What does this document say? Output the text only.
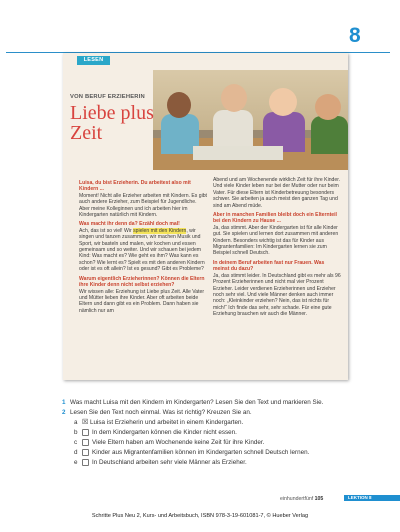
8
LESEN
VON BERUF ERZIEHERIN
Liebe plus Zeit

Luisa, du bist Erzieherin. Du arbeitest also mit Kindern ...

Moment! Nicht alle Erzieher arbeiten mit Kindern. Es gibt auch andere Erzieher, zum Beispiel für Jugendliche. Aber meine Kolleginnen und ich arbeiten hier im Kindergarten natürlich mit Kindern.

Was macht ihr denn da? Erzähl doch mal!

Ach, das ist so viel! Wir spielen mit den Kindern, wir singen und tanzen zusammen, wir machen Musik und Sport, wir basteln und malen, wir kochen und essen gemeinsam und so weiter. Und wir schauen bei jedem Kind: Was macht es? Wie geht es ihm? Was kann es schon? Wie lernt es? Spielt es mit den anderen Kindern oder ist es oft allein? Ist es gesund? Gibt es Probleme?

Warum eigentlich Erzieherinnen? Können die Eltern ihre Kinder denn nicht selbst erziehen?

Wir wissen alle: Erziehung ist Liebe plus Zeit. Alle Vater und Mütter lieben ihre Kinder. Aber oft arbeiten beide Eltern und dann gibt es ein Problem. Dann haben sie nämlich nur am

Abend und am Wochenende wirklich Zeit für ihre Kinder. Und viele Kinder leben nur bei der Mutter oder nur beim Vater. Für diese Eltern ist Kinderbetreuung besonders schwer. Sie arbeiten ja auch meist den ganzen Tag und sind am Abend müde.

Aber in manchen Familien bleibt doch ein Elternteil bei den Kindern zu Hause ...

Ja, das stimmt. Aber der Kindergarten ist für alle Kinder gut. Sie spielen und lernen dort zusammen mit anderen Kindern. Besonders wichtig ist das für Kinder aus Migrantenfamilien: Im Kindergarten lernen sie zum Beispiel schnell Deutsch.

In deinem Beruf arbeiten fast nur Frauen. Was meinst du dazu?

Ja, das stimmt leider. In Deutschland gibt es mehr als 96 Prozent Erzieherinnen und nicht mal vier Prozent Erzieher. Leider verdienen Erzieherinnen und Erzieher noch sehr viel. Und viele Männer denken auch immer noch: „Kleinkinder erziehen? Nein, das ist nichts für mich!“ Ich finde das sehr, sehr schade. Für eine gute Erziehung brauchen wir auch die Männer.

1 Was macht Luisa mit den Kindern im Kindergarten? Lesen Sie den Text und markieren Sie.
2 Lesen Sie den Text noch einmal. Was ist richtig? Kreuzen Sie an.
a ☒ Luisa ist Erzieherin und arbeitet in einem Kindergarten.
b In dem Kindergarten können die Kinder nicht essen.
c Viele Eltern haben am Wochenende keine Zeit für ihre Kinder.
d Kinder aus Migrantenfamilien können im Kindergarten schnell Deutsch lernen.
e In Deutschland arbeiten sehr viele Männer als Erzieher.
einhundertfünf 105	LEKTION 8
Schritte Plus Neu 2, Kurs- und Arbeitsbuch, ISBN 978-3-19-601081-7, © Hueber Verlag
